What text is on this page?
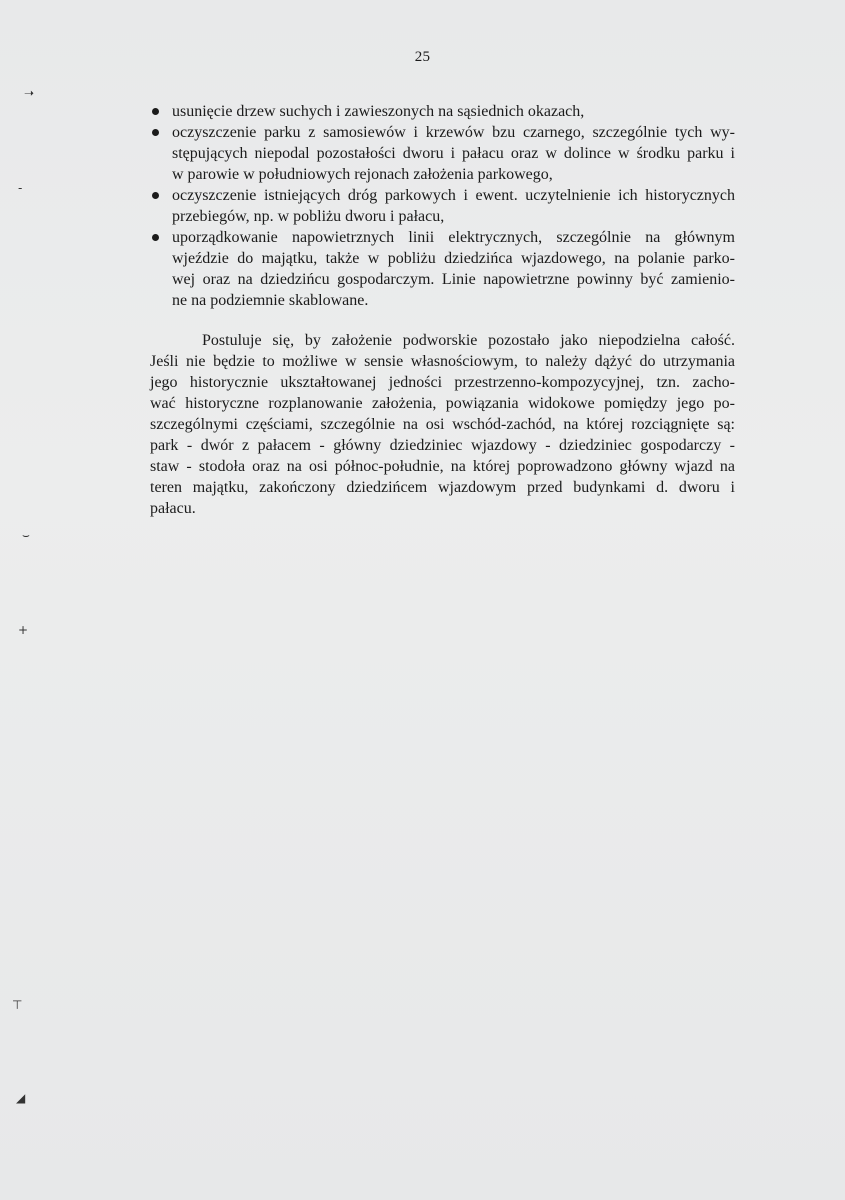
➝
-
⌣
+
⊤
◢
25
usunięcie drzew suchych i zawieszonych na sąsiednich okazach,
oczyszczenie parku z samosiewów i krzewów bzu czarnego, szczególnie tych wy-
stępujących niepodal pozostałości dworu i pałacu oraz w dolince w środku parku i
w parowie w południowych rejonach założenia parkowego,
oczyszczenie istniejących dróg parkowych i ewent. uczytelnienie ich historycznych
przebiegów, np. w pobliżu dworu i pałacu,
uporządkowanie napowietrznych linii elektrycznych, szczególnie na głównym
wjeździe do majątku, także w pobliżu dziedzińca wjazdowego, na polanie parko-
wej oraz na dziedzińcu gospodarczym. Linie napowietrzne powinny być zamienio-
ne na podziemnie skablowane.
Postuluje się, by założenie podworskie pozostało jako niepodzielna całość.
Jeśli nie będzie to możliwe w sensie własnościowym, to należy dążyć do utrzymania
jego historycznie ukształtowanej jedności przestrzenno-kompozycyjnej, tzn. zacho-
wać historyczne rozplanowanie założenia, powiązania widokowe pomiędzy jego po-
szczególnymi częściami, szczególnie na osi wschód-zachód, na której rozciągnięte są:
park - dwór z pałacem - główny dziedziniec wjazdowy - dziedziniec gospodarczy -
staw - stodoła oraz na osi północ-południe, na której poprowadzono główny wjazd na
teren majątku, zakończony dziedzińcem wjazdowym przed budynkami d. dworu i
pałacu.
